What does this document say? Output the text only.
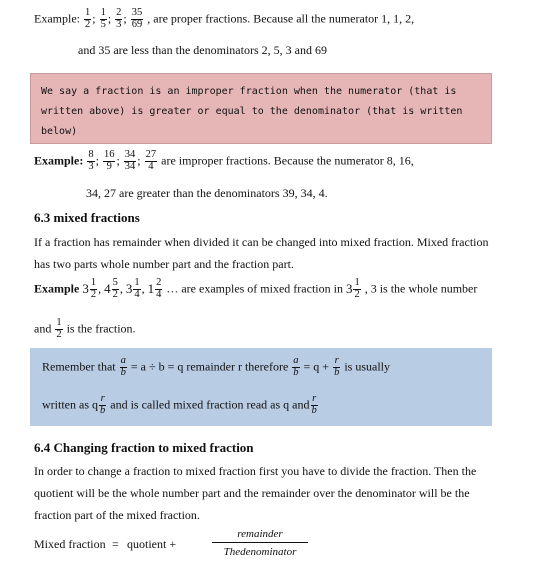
Example: $\frac{1}{2}$ ; $\frac{1}{5}$ ; $\frac{2}{3}$ ; $\frac{35}{69}$ , are proper fractions. Because all the numerator 1, 1, 2,
and 35 are less than the denominators 2, 5, 3 and 69

We say a fraction is an improper fraction when the numerator (that is written above) is greater or equal to the denominator (that is written below)

Example: $\frac{8}{3}$ ; $\frac{16}{9}$ ; $\frac{34}{34}$ ; $\frac{27}{4}$ are improper fractions. Because the numerator 8, 16,
34, 27 are greater than the denominators 39, 34, 4.
6.3 mixed fractions
If a fraction has remainder when divided it can be changed into mixed fraction. Mixed fraction
has two parts whole number part and the fraction part.
Example $3 \frac{1}{2}$ , $4 \frac{5}{2}$ , $3 \frac{1}{4}$ , $1 \frac{2}{4}$ … are examples of mixed fraction in $3 \frac{1}{2}$ , 3 is the whole number
and $\frac{1}{2}$ is the fraction.
Remember that $\frac{a}{b} = a \div b = q$ remainder r therefore $\frac{a}{b} = q + \frac{r}{b}$ is usually
written as q $\frac{r}{b}$ and is called mixed fraction read as q and $\frac{r}{b}$
6.4 Changing fraction to mixed fraction
In order to change a fraction to mixed fraction first you have to divide the fraction. Then the
quotient will be the whole number part and the remainder over the denominator will be the
fraction part of the mixed fraction.
Mixed fraction = quotient +
remainder
Thedenominator
